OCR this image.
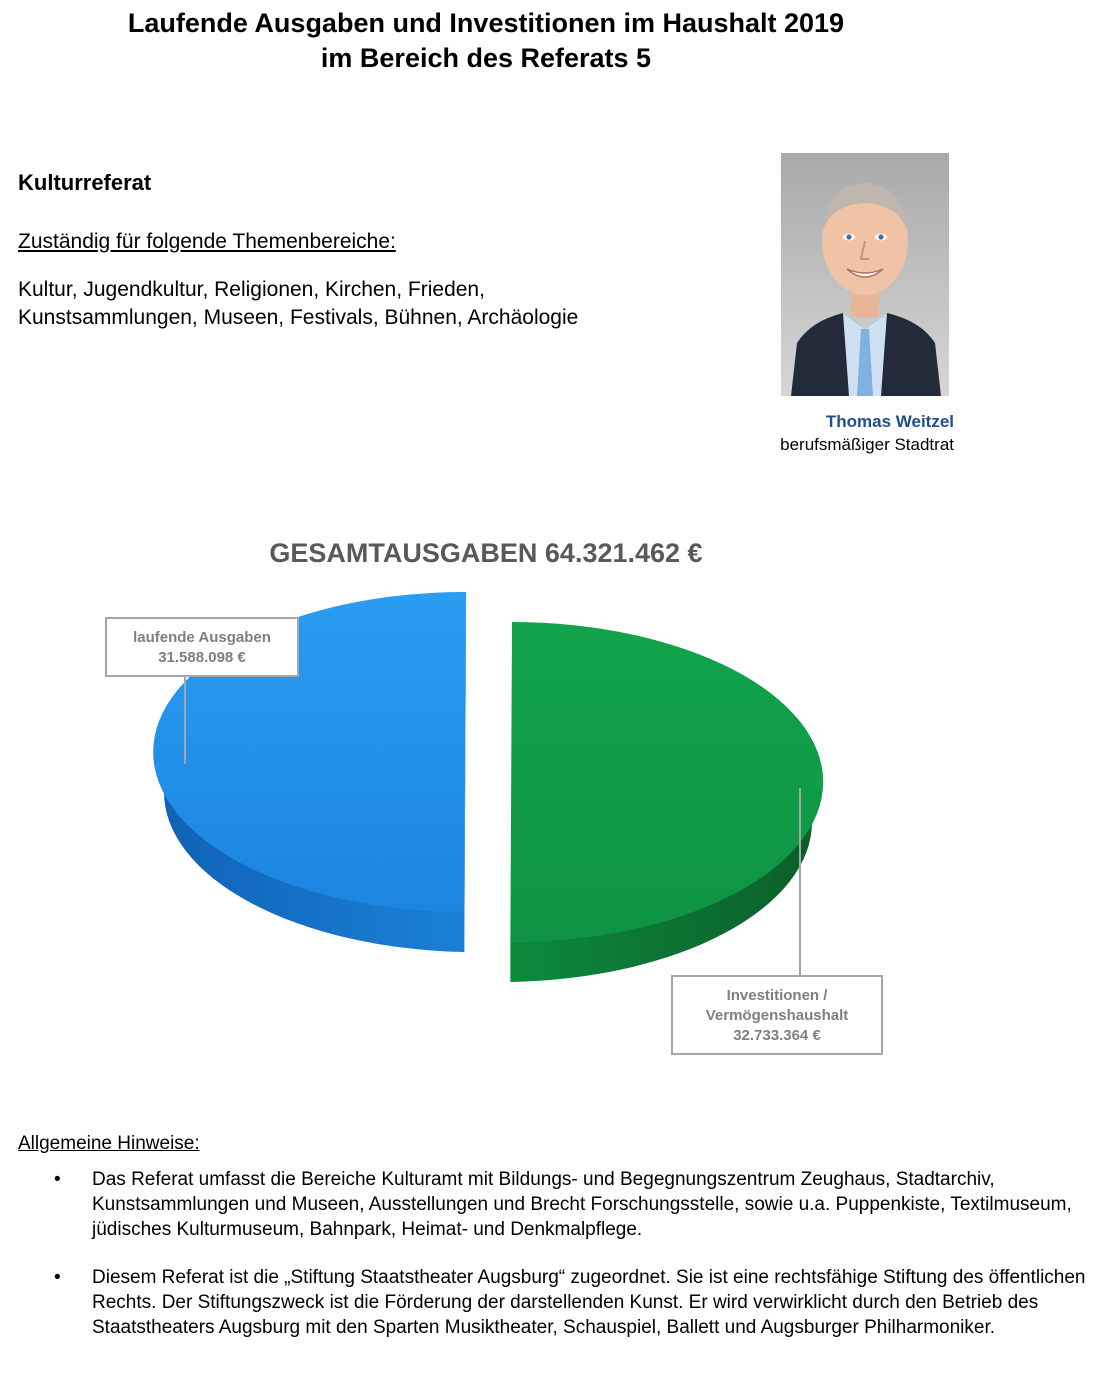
Laufende Ausgaben und Investitionen im Haushalt 2019
im Bereich des Referats 5
Kulturreferat

Zuständig für folgende Themenbereiche:

Kultur, Jugendkultur, Religionen, Kirchen, Frieden,
Kunstsammlungen, Museen, Festivals, Bühnen, Archäologie

Thomas Weitzel

berufsmäßiger Stadtrat

GESAMTAUSGABEN 64.321.462 €
laufende Ausgaben
31.588.098 €
Investitionen /
Vermögenshaushalt
32.733.364 €

Allgemeine Hinweise:

• Das Referat umfasst die Bereiche Kulturamt mit Bildungs- und Begegnungszentrum Zeughaus, Stadtarchiv, Kunstsammlungen und Museen, Ausstellungen und Brecht Forschungsstelle, sowie u.a. Puppenkiste, Textilmuseum, jüdisches Kulturmuseum, Bahnpark, Heimat- und Denkmalpflege.
• Diesem Referat ist die „Stiftung Staatstheater Augsburg“ zugeordnet. Sie ist eine rechtsfähige Stiftung des öffentlichen Rechts. Der Stiftungszweck ist die Förderung der darstellenden Kunst. Er wird verwirklicht durch den Betrieb des Staatstheaters Augsburg mit den Sparten Musiktheater, Schauspiel, Ballett und Augsburger Philharmoniker.
